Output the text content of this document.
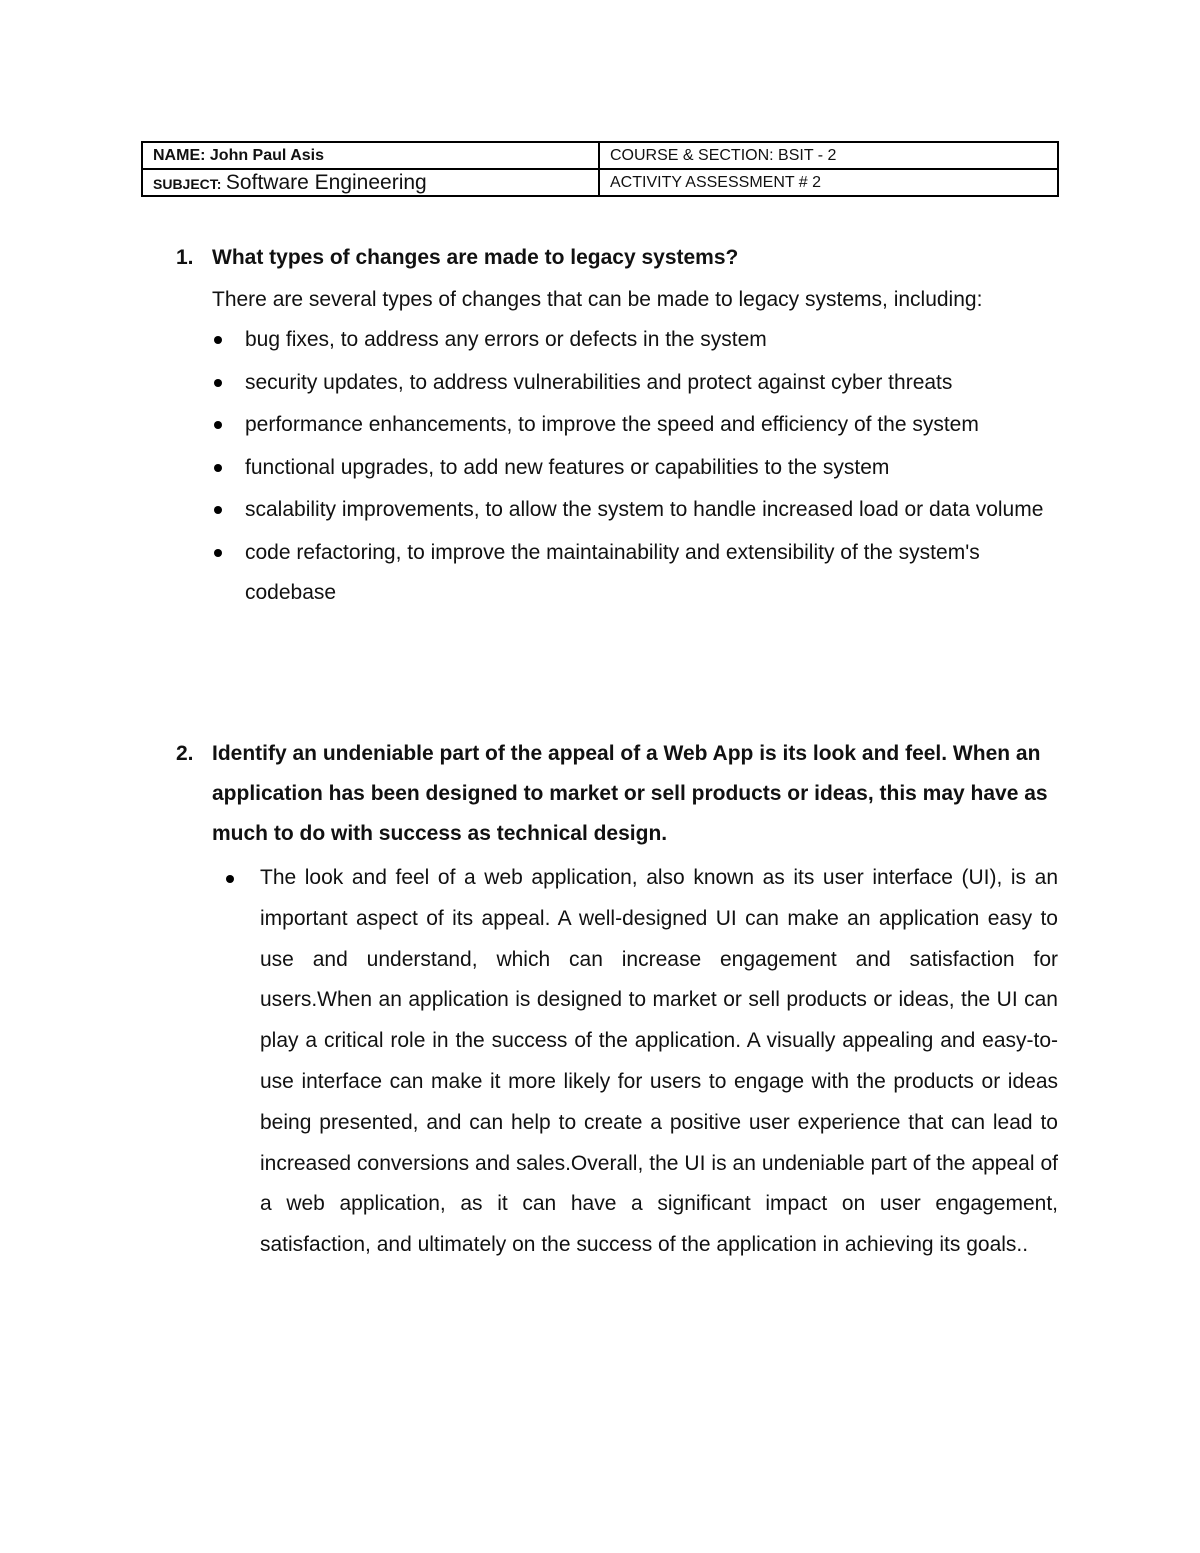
NAME: John Paul Asis	COURSE & SECTION: BSIT - 2
SUBJECT: Software Engineering	ACTIVITY ASSESSMENT # 2
1. What types of changes are made to legacy systems?

There are several types of changes that can be made to legacy systems, including:

bug fixes, to address any errors or defects in the system
security updates, to address vulnerabilities and protect against cyber threats
performance enhancements, to improve the speed and efficiency of the system
functional upgrades, to add new features or capabilities to the system
scalability improvements, to allow the system to handle increased load or data volume
code refactoring, to improve the maintainability and extensibility of the system's codebase
2. Identify an undeniable part of the appeal of a Web App is its look and feel. When an application has been designed to market or sell products or ideas, this may have as much to do with success as technical design.

The look and feel of a web application, also known as its user interface (UI), is an important aspect of its appeal. A well-designed UI can make an application easy to use and understand, which can increase engagement and satisfaction for users.When an application is designed to market or sell products or ideas, the UI can play a critical role in the success of the application. A visually appealing and easy-to-use interface can make it more likely for users to engage with the products or ideas being presented, and can help to create a positive user experience that can lead to increased conversions and sales.Overall, the UI is an undeniable part of the appeal of a web application, as it can have a significant impact on user engagement, satisfaction, and ultimately on the success of the application in achieving its goals..
